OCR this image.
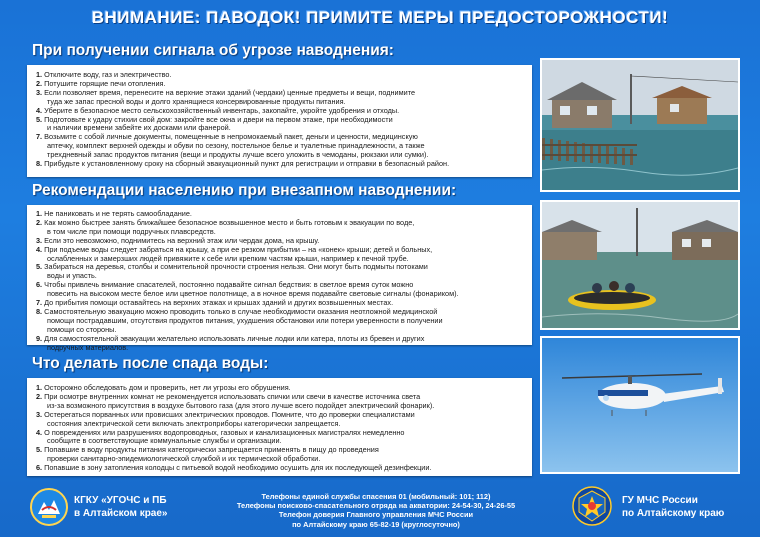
ВНИМАНИЕ: ПАВОДОК! ПРИМИТЕ МЕРЫ ПРЕДОСТОРОЖНОСТИ!
При получении сигнала об угрозе наводнения:
1. Отключите воду, газ и электричество.
2. Потушите горящие печи отопления.
3. Если позволяет время, перенесите на верхние этажи зданий (чердаки) ценные предметы и вещи, поднимите
туда же запас пресной воды и долго хранящиеся консервированные продукты питания.
4. Уберите в безопасное место сельскохозяйственный инвентарь, закопайте, укройте удобрения и отходы.
5. Подготовьте к удару стихии свой дом: закройте все окна и двери на первом этаже, при необходимости
и наличии времени забейте их досками или фанерой.
7. Возьмите с собой личные документы, помещенные в непромокаемый пакет, деньги и ценности, медицинскую
аптечку, комплект верхней одежды и обуви по сезону, постельное белье и туалетные принадлежности, а также
трехдневный запас продуктов питания (вещи и продукты лучше всего уложить в чемоданы, рюкзаки или сумки).
8. Прибудьте к установленному сроку на сборный эвакуационный пункт для регистрации и отправки в безопасный район.
Рекомендации населению при внезапном наводнении:
1. Не паниковать и не терять самообладание.
2. Как можно быстрее занять ближайшее безопасное возвышенное место и быть готовым к эвакуации по воде,
в том числе при помощи подручных плавсредств.
3. Если это невозможно, поднимитесь на верхний этаж или чердак дома, на крышу.
4. При подъеме воды следует забраться на крышу, а при ее резком прибытии – на «конек» крыши; детей и больных,
ослабленных и замерзших людей привяжите к себе или крепким частям крыши, например к печной трубе.
5. Забираться на деревья, столбы и сомнительной прочности строения нельзя. Они могут быть подмыты потоками
воды и упасть.
6. Чтобы привлечь внимание спасателей, постоянно подавайте сигнал бедствия: в светлое время суток можно
повесить на высоком месте белое или цветное полотнище, а в ночное время подавайте световые сигналы (фонариком).
7. До прибытия помощи оставайтесь на верхних этажах и крышах зданий и других возвышенных местах.
8. Самостоятельную эвакуацию можно проводить только в случае необходимости оказания неотложной медицинской
помощи пострадавшим, отсутствия продуктов питания, ухудшения обстановки или потери уверенности в получении
помощи со стороны.
9. Для самостоятельной эвакуации желательно использовать личные лодки или катера, плоты из бревен и других
подручных материалов.
Что делать после спада воды:
1. Осторожно обследовать дом и проверить, нет ли угрозы его обрушения.
2. При осмотре внутренних комнат не рекомендуется использовать спички или свечи в качестве источника света
из-за возможного присутствия в воздухе бытового газа (для этого лучше всего подойдет электрический фонарик).
3. Остерегаться порванных или провисших электрических проводов. Помните, что до проверки специалистами
состояния электрической сети включать электроприборы категорически запрещается.
4. О повреждениях или разрушениях водопроводных, газовых и канализационных магистралях немедленно
сообщите в соответствующие коммунальные службы и организации.
5. Попавшие в воду продукты питания категорически запрещается применять в пищу до проведения
проверки санитарно-эпидемиологической службой и их термической обработки.
6. Попавшие в зону затопления колодцы с питьевой водой необходимо осушить для их последующей дезинфекции.
КГКУ «УГОЧС и ПБ
в Алтайском крае»
Телефоны единой службы спасения 01 (мобильный: 101; 112)
Телефоны поисково-спасательного отряда на акватории: 24-54-30, 24-26-55
Телефон доверия Главного управления МЧС России
по Алтайскому краю 65-82-19 (круглосуточно)
ГУ МЧС России
по Алтайскому краю
